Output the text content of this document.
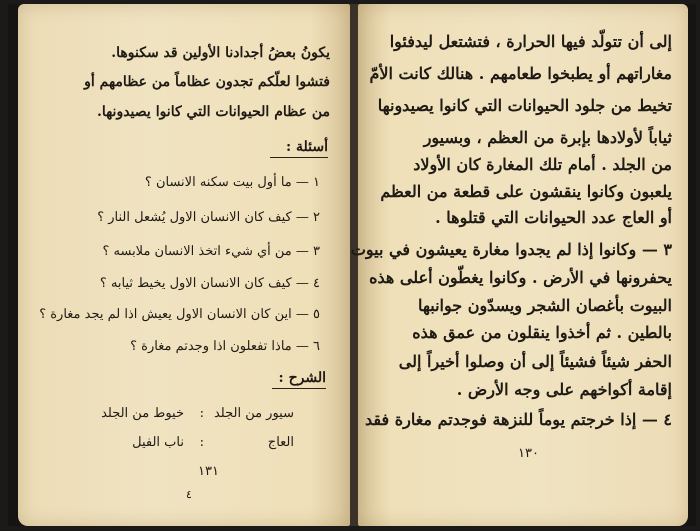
يكونُ بعضُ أجدادنا الأولين قد سكنوها.
فتشوا لعلّكم تجدون عظاماً من عظامهم أو
من عظام الحيوانات التي كانوا يصيدونها.
أسئلة :
١ — ما أول بيت سكنه الانسان ؟
٢ — كيف كان الانسان الاول يُشعل النار ؟
٣ — من أي شيء اتخذ الانسان ملابسه ؟
٤ — كيف كان الانسان الاول يخيط ثيابه ؟
٥ — اين كان الانسان الاول يعيش اذا لم يجد مغارة ؟
٦ — ماذا تفعلون اذا وجدتم مغارة ؟
الشرح :
سيور من الجلد
:
خيوط من الجلد
العاج
:
ناب الفيل
١٣١
٤
إلى أن تتولّد فيها الحرارة ، فتشتعل ليدفئوا
مغاراتهم أو يطبخوا طعامهم . هنالك كانت الأمّ
تخيط من جلود الحيوانات التي كانوا يصيدونها
ثياباً لأولادها بإبرة من العظم ، وبسيور
من الجلد . أمام تلك المغارة كان الأولاد
يلعبون وكانوا ينقشون على قطعة من العظم
أو العاج عدد الحيوانات التي قتلوها .
٣ — وكانوا إذا لم يجدوا مغارة يعيشون في بيوت
يحفرونها في الأرض . وكانوا يغطّون أعلى هذه
البيوت بأغصان الشجر ويسدّون جوانبها
بالطين . ثم أخذوا ينقلون من عمق هذه
الحفر شيئاً فشيئاً إلى أن وصلوا أخيراً إلى
إقامة أكواخهم على وجه الأرض .
٤ — إذا خرجتم يوماً للنزهة فوجدتم مغارة فقد
١٣٠
